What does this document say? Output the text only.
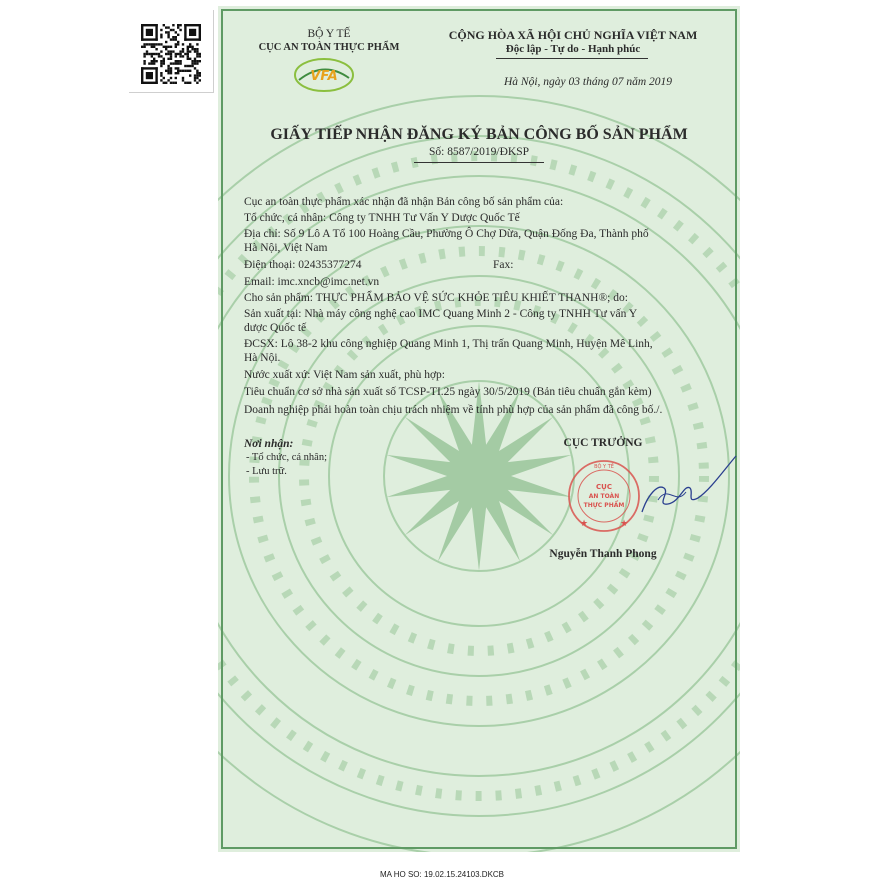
VFA
BỘ Y TẾ
CỤC AN TOÀN THỰC PHẨM
CỘNG HÒA XÃ HỘI CHỦ NGHĨA VIỆT NAM
Độc lập - Tự do - Hạnh phúc
Hà Nội, ngày 03 tháng 07 năm 2019
GIẤY TIẾP NHẬN ĐĂNG KÝ BẢN CÔNG BỐ SẢN PHẨM
Số: 8587/2019/ĐKSP
Cục an toàn thực phẩm xác nhận đã nhận Bản công bố sản phẩm của:
Tổ chức, cá nhân: Công ty TNHH Tư Vấn Y Dược Quốc Tế
Địa chỉ: Số 9 Lô A Tổ 100 Hoàng Cầu, Phường Ô Chợ Dừa, Quận Đống Đa, Thành phố
Hà Nội, Việt Nam
Điện thoại: 02435377274	Fax:
Email: imc.xncb@imc.net.vn
Cho sản phẩm: THỰC PHẨM BẢO VỆ SỨC KHỎE TIÊU KHIẾT THANH®; do:
Sản xuất tại: Nhà máy công nghệ cao IMC Quang Minh 2 - Công ty TNHH Tư vấn Y
dược Quốc tế
ĐCSX: Lô 38-2 khu công nghiệp Quang Minh 1, Thị trấn Quang Minh, Huyện Mê Linh,
Hà Nội.
Nước xuất xứ: Việt Nam sản xuất, phù hợp:
Tiêu chuẩn cơ sở nhà sản xuất số TCSP-TI.25 ngày 30/5/2019 (Bản tiêu chuẩn gắn kèm)
Doanh nghiệp phải hoàn toàn chịu trách nhiệm về tính phù hợp của sản phẩm đã công bố./.
Nơi nhận:
- Tổ chức, cá nhân;
- Lưu trữ.
CỤC TRƯỞNG
BỘ Y TẾ
CỤC
AN TOÀN
THỰC PHẨM
★	★
Nguyễn Thanh Phong
MA HO SO: 19.02.15.24103.DKCB
